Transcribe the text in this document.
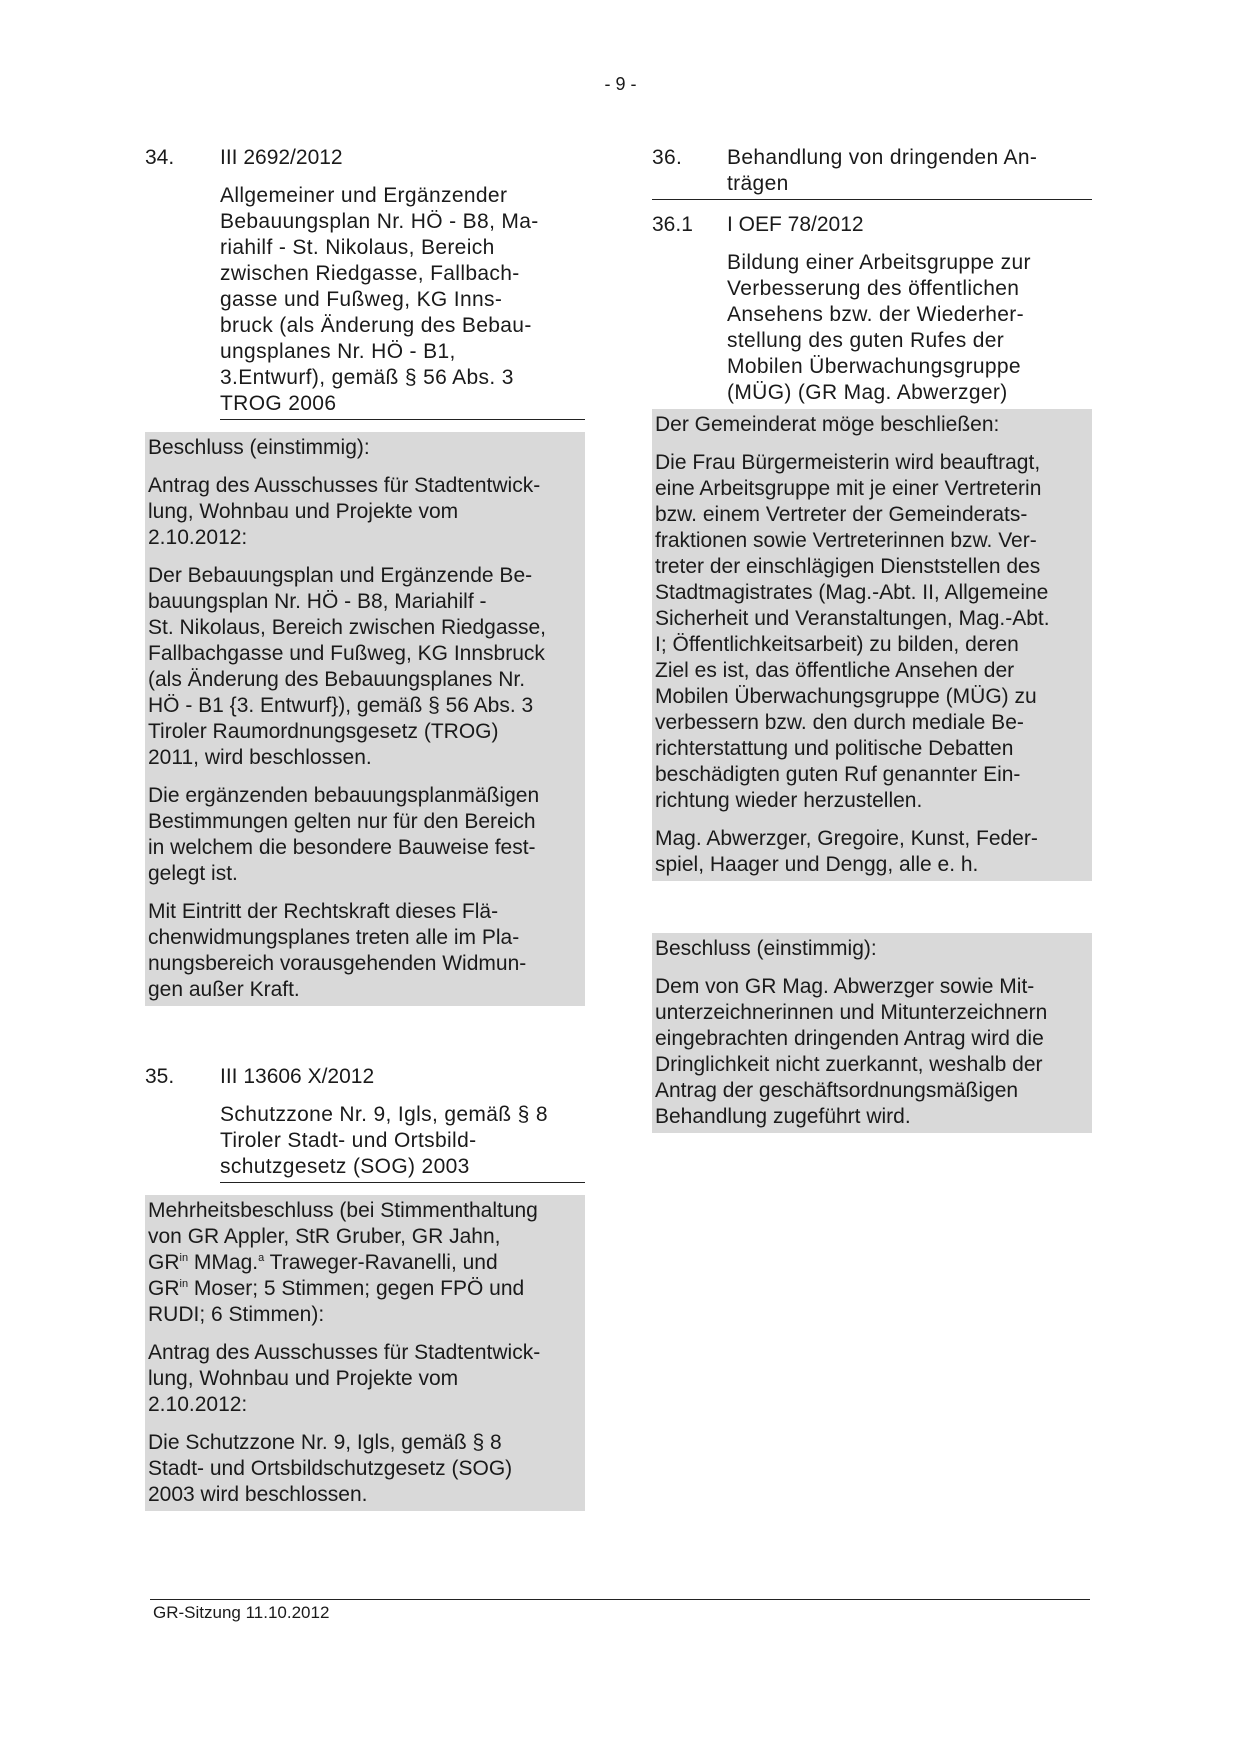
- 9 -
34.	III 2692/2012
Allgemeiner und Ergänzender
Bebauungsplan Nr. HÖ - B8, Ma-
riahilf - St. Nikolaus, Bereich
zwischen Riedgasse, Fallbach-
gasse und Fußweg, KG Inns-
bruck (als Änderung des Bebau-
ungsplanes Nr. HÖ - B1,
3.Entwurf), gemäß § 56 Abs. 3
TROG 2006

Beschluss (einstimmig):

Antrag des Ausschusses für Stadtentwick-
lung, Wohnbau und Projekte vom
2.10.2012:

Der Bebauungsplan und Ergänzende Be-
bauungsplan Nr. HÖ - B8, Mariahilf -
St. Nikolaus, Bereich zwischen Riedgasse,
Fallbachgasse und Fußweg, KG Innsbruck
(als Änderung des Bebauungsplanes Nr.
HÖ - B1 {3. Entwurf}), gemäß § 56 Abs. 3
Tiroler Raumordnungsgesetz (TROG)
2011, wird beschlossen.

Die ergänzenden bebauungsplanmäßigen
Bestimmungen gelten nur für den Bereich
in welchem die besondere Bauweise fest-
gelegt ist.

Mit Eintritt der Rechtskraft dieses Flä-
chenwidmungsplanes treten alle im Pla-
nungsbereich vorausgehenden Widmun-
gen außer Kraft.

35.	III 13606 X/2012
Schutzzone Nr. 9, Igls, gemäß § 8
Tiroler Stadt- und Ortsbild-
schutzgesetz (SOG) 2003

Mehrheitsbeschluss (bei Stimmenthaltung
von GR Appler, StR Gruber, GR Jahn,
$GR^{in}$ MMag.$^a$ Traweger-Ravanelli, und
$GR^{in}$ Moser; 5 Stimmen; gegen FPÖ und
RUDI; 6 Stimmen):

Antrag des Ausschusses für Stadtentwick-
lung, Wohnbau und Projekte vom
2.10.2012:

Die Schutzzone Nr. 9, Igls, gemäß § 8
Stadt- und Ortsbildschutzgesetz (SOG)
2003 wird beschlossen.

36.	Behandlung von dringenden An-
trägen
36.1	I OEF 78/2012
Bildung einer Arbeitsgruppe zur
Verbesserung des öffentlichen
Ansehens bzw. der Wiederher-
stellung des guten Rufes der
Mobilen Überwachungsgruppe
(MÜG) (GR Mag. Abwerzger)

Der Gemeinderat möge beschließen:

Die Frau Bürgermeisterin wird beauftragt,
eine Arbeitsgruppe mit je einer Vertreterin
bzw. einem Vertreter der Gemeinderats-
fraktionen sowie Vertreterinnen bzw. Ver-
treter der einschlägigen Dienststellen des
Stadtmagistrates (Mag.-Abt. II, Allgemeine
Sicherheit und Veranstaltungen, Mag.-Abt.
I; Öffentlichkeitsarbeit) zu bilden, deren
Ziel es ist, das öffentliche Ansehen der
Mobilen Überwachungsgruppe (MÜG) zu
verbessern bzw. den durch mediale Be-
richterstattung und politische Debatten
beschädigten guten Ruf genannter Ein-
richtung wieder herzustellen.

Mag. Abwerzger, Gregoire, Kunst, Feder-
spiel, Haager und Dengg, alle e. h.

Beschluss (einstimmig):

Dem von GR Mag. Abwerzger sowie Mit-
unterzeichnerinnen und Mitunterzeichnern
eingebrachten dringenden Antrag wird die
Dringlichkeit nicht zuerkannt, weshalb der
Antrag der geschäftsordnungsmäßigen
Behandlung zugeführt wird.

GR-Sitzung 11.10.2012
